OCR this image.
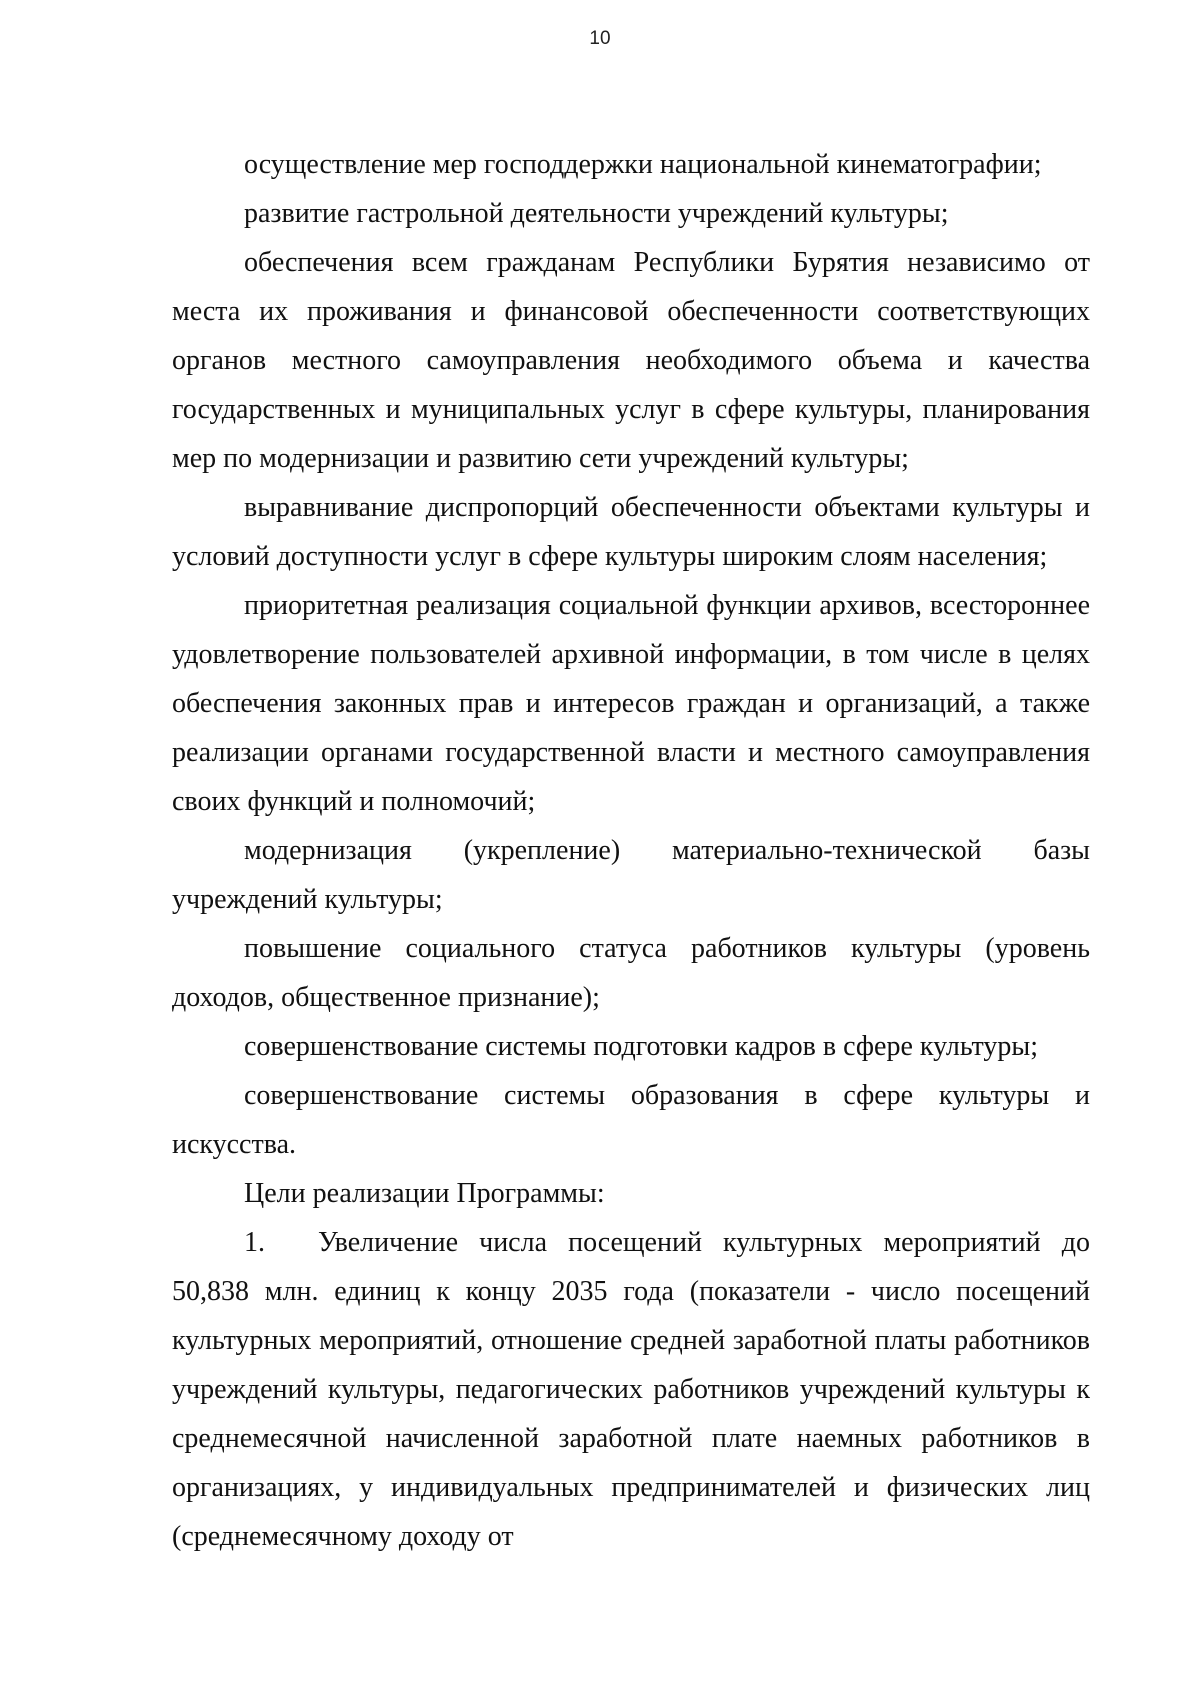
10

осуществление мер господдержки национальной кинематографии;

развитие гастрольной деятельности учреждений культуры;

обеспечения всем гражданам Республики Бурятия независимо от места их проживания и финансовой обеспеченности соответствующих органов местного самоуправления необходимого объема и качества государственных и муниципальных услуг в сфере культуры, планирования мер по модернизации и развитию сети учреждений культуры;

выравнивание диспропорций обеспеченности объектами культуры и условий доступности услуг в сфере культуры широким слоям населения;

приоритетная реализация социальной функции архивов, всестороннее удовлетворение пользователей архивной информации, в том числе в целях обеспечения законных прав и интересов граждан и организаций, а также реализации органами государственной власти и местного самоуправления своих функций и полномочий;

модернизация (укрепление) материально-технической базы учреждений культуры;

повышение социального статуса работников культуры (уровень доходов, общественное признание);

совершенствование системы подготовки кадров в сфере культуры;

совершенствование системы образования в сфере культуры и искусства.

Цели реализации Программы:

1. Увеличение числа посещений культурных мероприятий до 50,838 млн. единиц к концу 2035 года (показатели - число посещений культурных мероприятий, отношение средней заработной платы работников учреждений культуры, педагогических работников учреждений культуры к среднемесячной начисленной заработной плате наемных работников в организациях, у индивидуальных предпринимателей и физических лиц (среднемесячному доходу от
